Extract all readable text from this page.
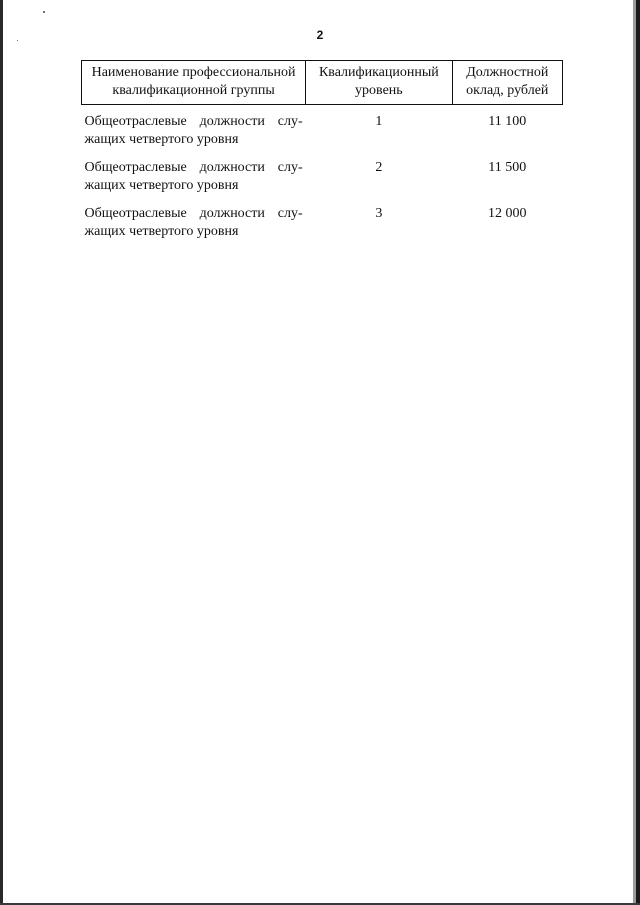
2
Наименование профессиональной квалификационной группы	Квалификационный уровень	Должностной оклад, рублей
Общеотраслевые должности слу-жащих четвертого уровня	1	11 100
Общеотраслевые должности слу-жащих четвертого уровня	2	11 500
Общеотраслевые должности слу-жащих четвертого уровня	3	12 000
